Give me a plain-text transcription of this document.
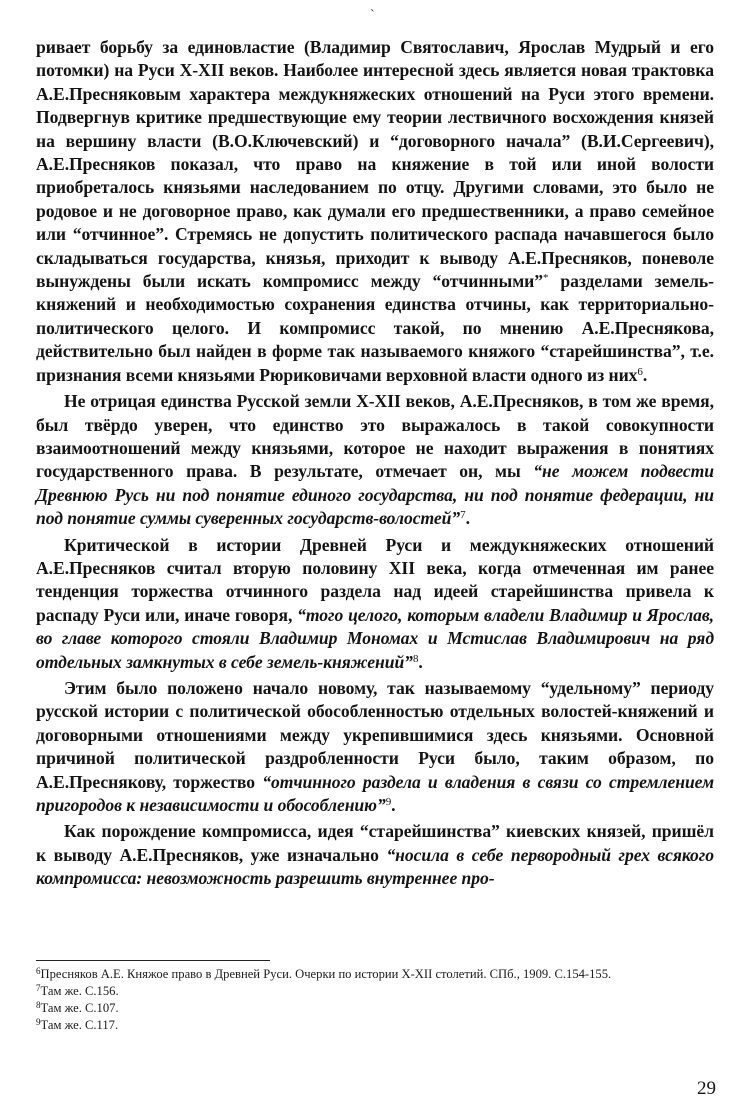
ˋ

ривает борьбу за единовластие (Владимир Святославич, Ярослав Мудрый и его потомки) на Руси X-XII веков. Наиболее интересной здесь является новая трактовка А.Е.Пресняковым характера междукняжеских отношений на Руси этого времени. Подвергнув критике предшествующие ему теории лествичного восхождения князей на вершину власти (В.О.Ключевский) и “договорного начала” (В.И.Сергеевич), А.Е.Пресняков показал, что право на княжение в той или иной волости приобреталось князьями наследованием по отцу. Другими словами, это было не родовое и не договорное право, как думали его предшественники, а право семейное или “отчинное”. Стремясь не допустить политического распада начавшегося было складываться государства, князья, приходит к выводу А.Е.Пресняков, поневоле вынуждены были искать компромисс между “отчинными”* разделами земель-княжений и необходимостью сохранения единства отчины, как территориально-политического целого. И компромисс такой, по мнению А.Е.Преснякова, действительно был найден в форме так называемого княжого “старейшинства”, т.е. признания всеми князьями Рюриковичами верховной власти одного из них$^6$.

Не отрицая единства Русской земли X-XII веков, А.Е.Пресняков, в том же время, был твёрдо уверен, что единство это выражалось в такой совокупности взаимоотношений между князьями, которое не находит выражения в понятиях государственного права. В результате, отмечает он, мы “не можем подвести Древнюю Русь ни под понятие единого государства, ни под понятие федерации, ни под понятие суммы суверенных государств-волостей”$^7$.

Критической в истории Древней Руси и междукняжеских отношений А.Е.Пресняков считал вторую половину XII века, когда отмеченная им ранее тенденция торжества отчинного раздела над идеей старейшинства привела к распаду Руси или, иначе говоря, “того целого, которым владели Владимир и Ярослав, во главе которого стояли Владимир Мономах и Мстислав Владимирович на ряд отдельных замкнутых в себе земель-княжений”$^8$.

Этим было положено начало новому, так называемому “удельному” периоду русской истории с политической обособленностью отдельных волостей-княжений и договорными отношениями между укрепившимися здесь князьями. Основной причиной политической раздробленности Руси было, таким образом, по А.Е.Преснякову, торжество “отчинного раздела и владения в связи со стремлением пригородов к независимости и обособлению”$^9$.

Как порождение компромисса, идея “старейшинства” киевских князей, пришёл к выводу А.Е.Пресняков, уже изначально “носила в себе первородный грех всякого компромисса: невозможность разрешить внутреннее про-

$^6$Пресняков А.Е. Княжое право в Древней Руси. Очерки по истории X-XII столетий. СПб., 1909. С.154-155.

$^7$Там же. С.156.

$^8$Там же. С.107.

$^9$Там же. С.117.

29
